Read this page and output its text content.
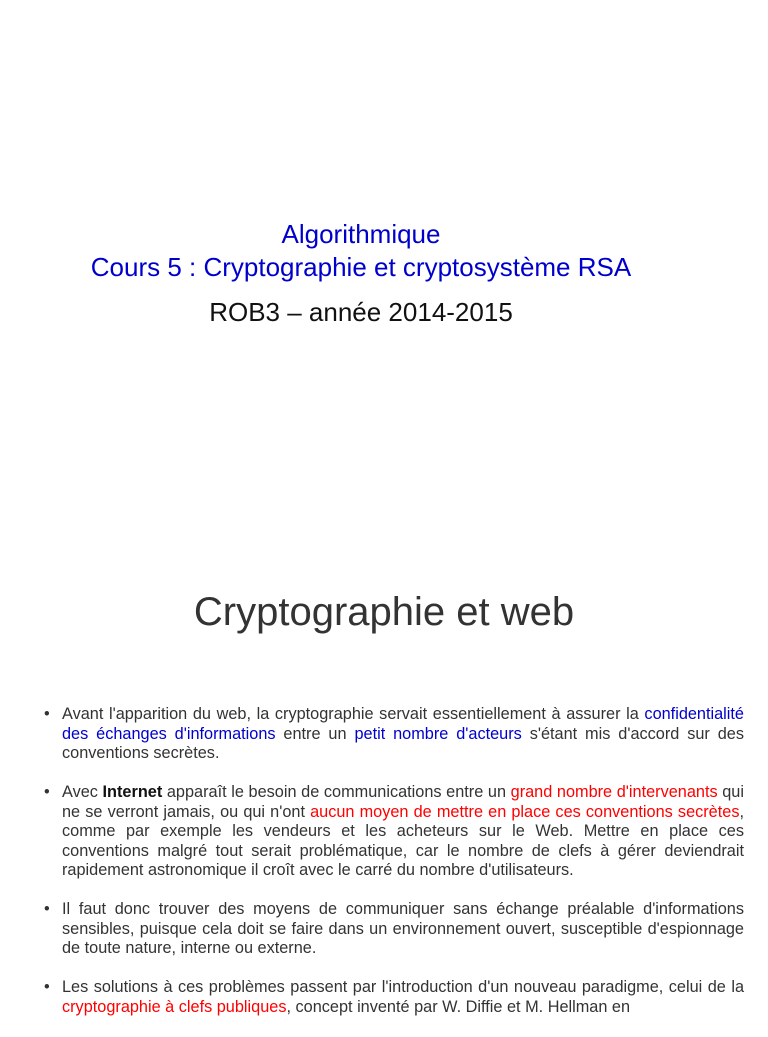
Algorithmique
Cours 5 : Cryptographie et cryptosystème RSA
ROB3 – année 2014-2015
Cryptographie et web
• Avant l'apparition du web, la cryptographie servait essentiellement à assurer la confidentialité des échanges d'informations entre un petit nombre d'acteurs s'étant mis d'accord sur des conventions secrètes.
• Avec Internet apparaît le besoin de communications entre un grand nombre d'intervenants qui ne se verront jamais, ou qui n'ont aucun moyen de mettre en place ces conventions secrètes, comme par exemple les vendeurs et les acheteurs sur le Web. Mettre en place ces conventions malgré tout serait problématique, car le nombre de clefs à gérer deviendrait rapidement astronomique il croît avec le carré du nombre d'utilisateurs.
• Il faut donc trouver des moyens de communiquer sans échange préalable d'informations sensibles, puisque cela doit se faire dans un environnement ouvert, susceptible d'espionnage de toute nature, interne ou externe.
• Les solutions à ces problèmes passent par l'introduction d'un nouveau paradigme, celui de la cryptographie à clefs publiques, concept inventé par W. Diffie et M. Hellman en
